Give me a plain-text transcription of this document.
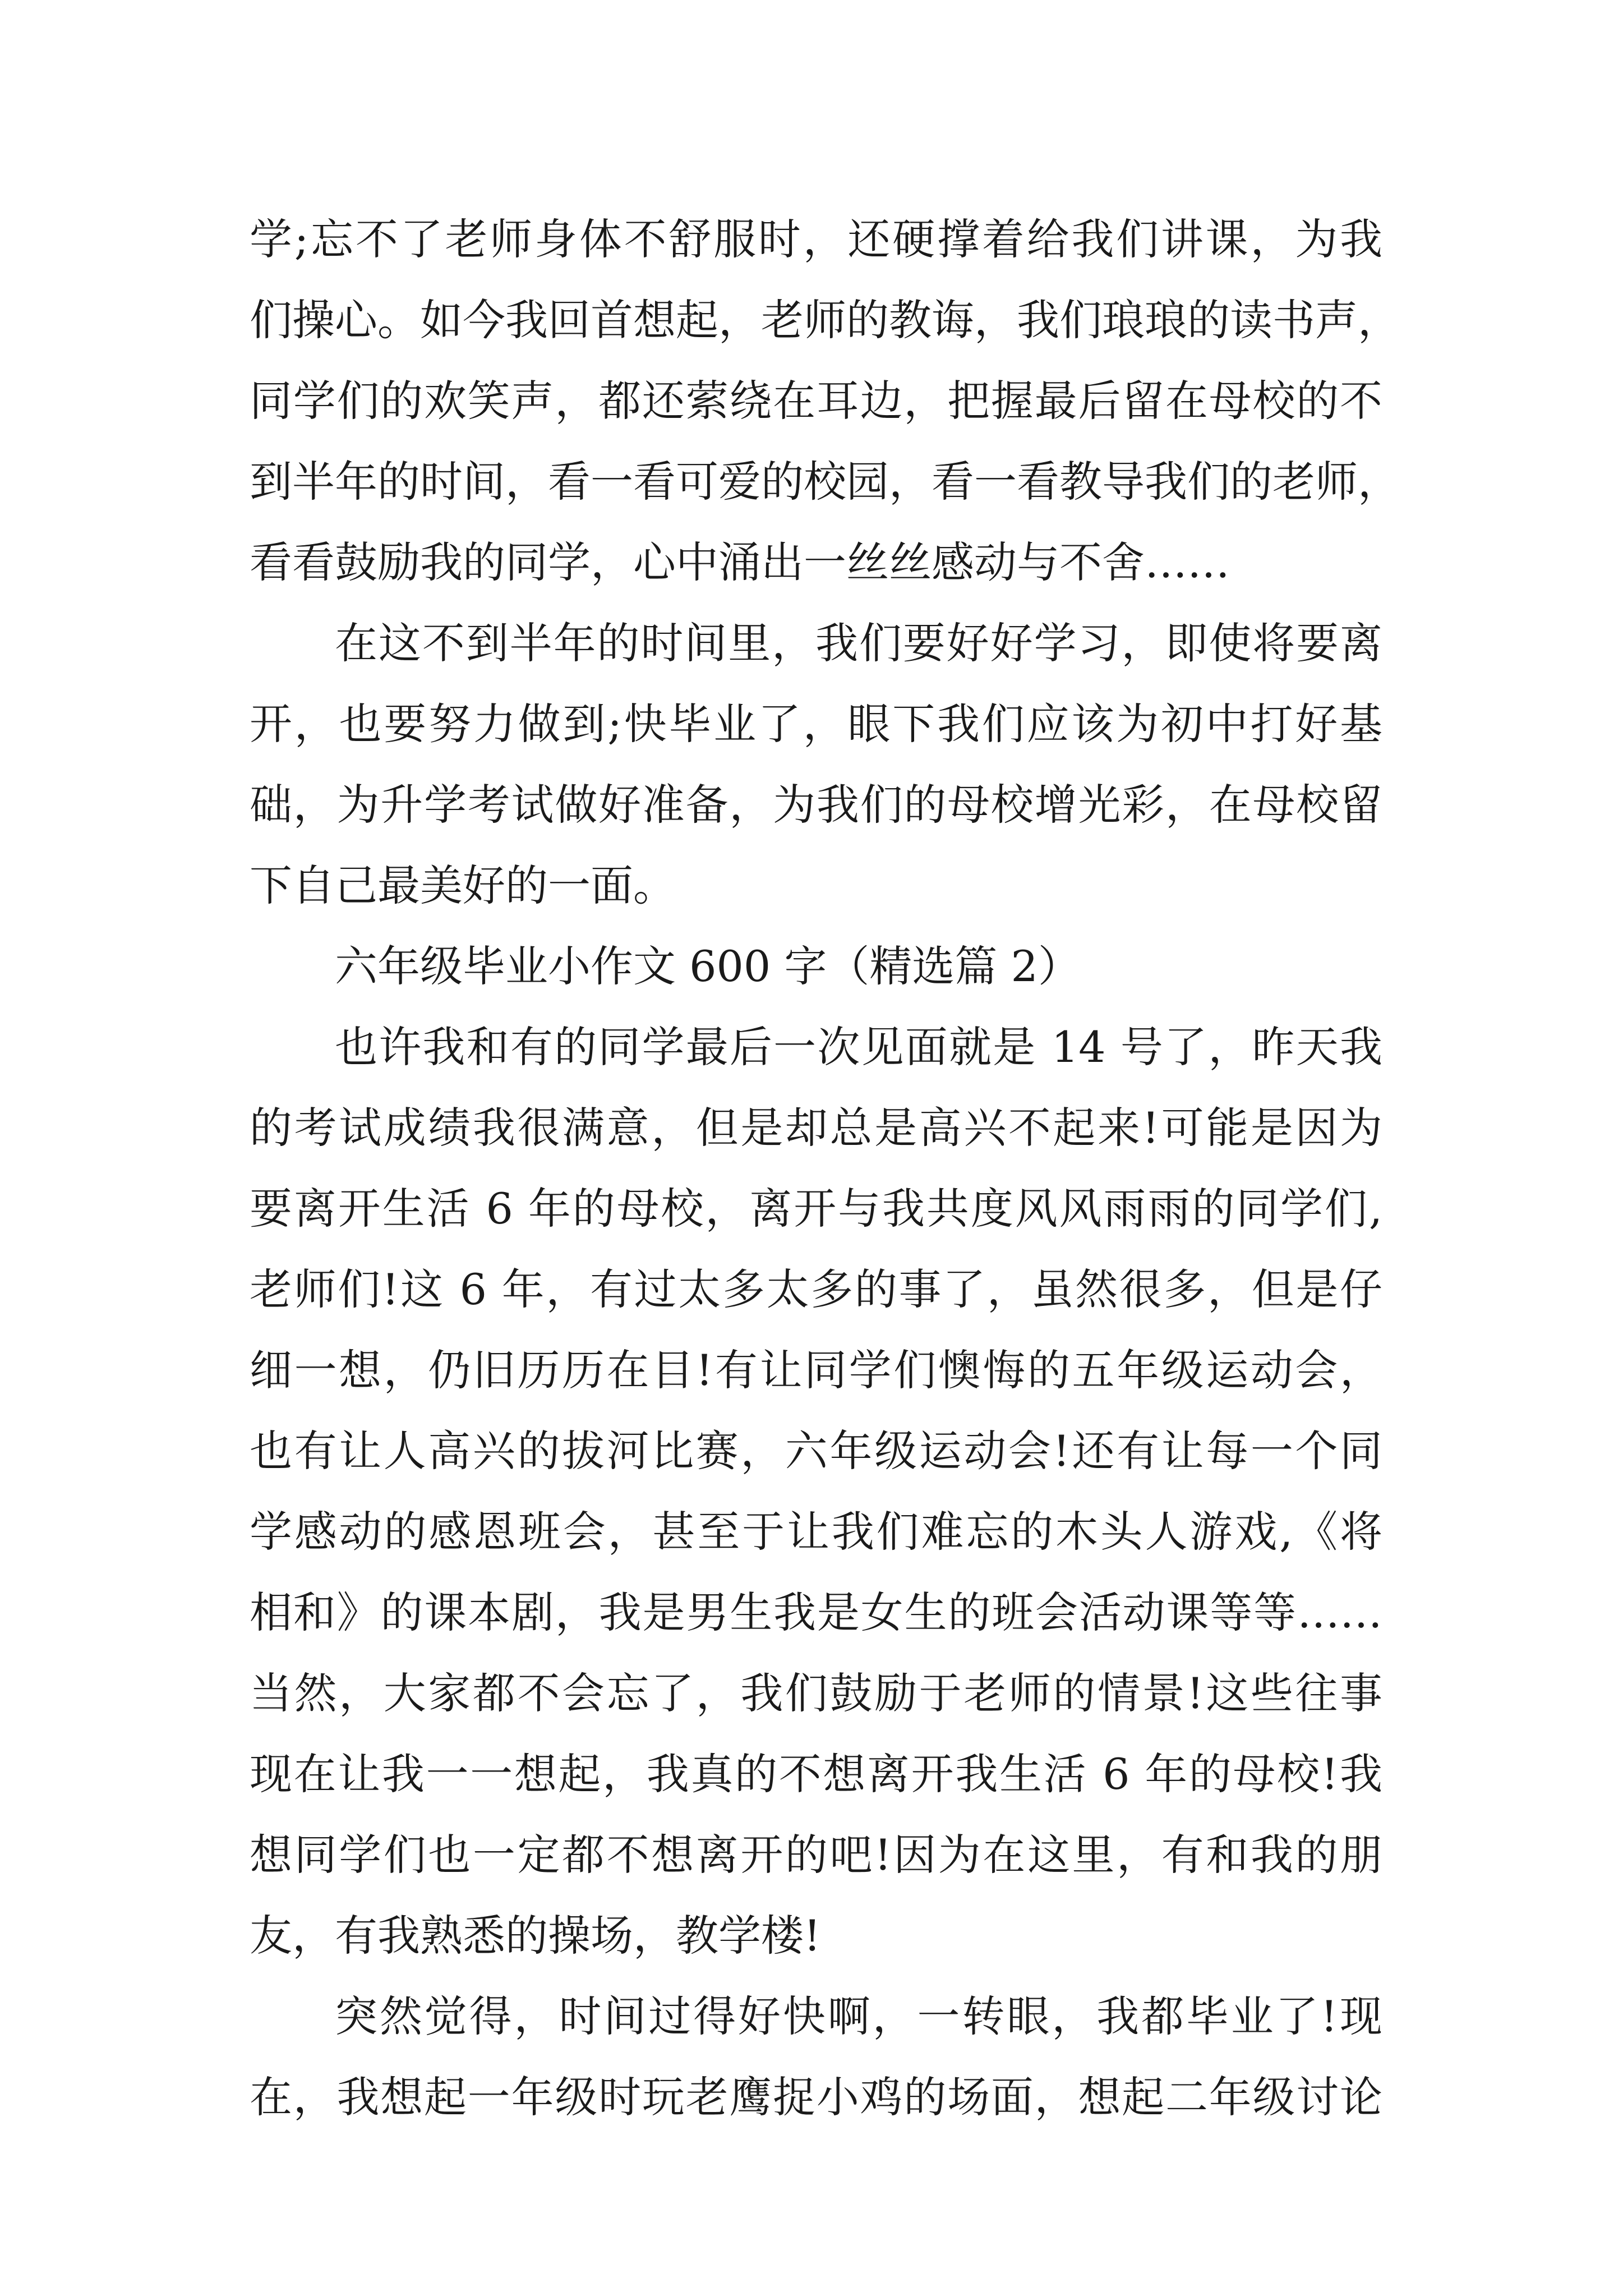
学;忘不了老师身体不舒服时，还硬撑着给我们讲课，为我
们操心。如今我回首想起，老师的教诲，我们琅琅的读书声，
同学们的欢笑声，都还萦绕在耳边，把握最后留在母校的不
到半年的时间，看一看可爱的校园，看一看教导我们的老师，
看看鼓励我的同学，心中涌出一丝丝感动与不舍……
在这不到半年的时间里，我们要好好学习，即使将要离
开，也要努力做到;快毕业了，眼下我们应该为初中打好基
础，为升学考试做好准备，为我们的母校增光彩，在母校留
下自己最美好的一面。
六年级毕业小作文 600 字（精选篇 2）
也许我和有的同学最后一次见面就是 14 号了，昨天我
的考试成绩我很满意，但是却总是高兴不起来!可能是因为
要离开生活 6 年的母校，离开与我共度风风雨雨的同学们,
老师们!这 6 年，有过太多太多的事了，虽然很多，但是仔
细一想，仍旧历历在目!有让同学们懊悔的五年级运动会，
也有让人高兴的拔河比赛，六年级运动会!还有让每一个同
学感动的感恩班会，甚至于让我们难忘的木头人游戏,《将
相和》的课本剧，我是男生我是女生的班会活动课等等……
当然，大家都不会忘了，我们鼓励于老师的情景!这些往事
现在让我一一想起，我真的不想离开我生活 6 年的母校!我
想同学们也一定都不想离开的吧!因为在这里，有和我的朋
友，有我熟悉的操场，教学楼!
突然觉得，时间过得好快啊，一转眼，我都毕业了!现
在，我想起一年级时玩老鹰捉小鸡的场面，想起二年级讨论
